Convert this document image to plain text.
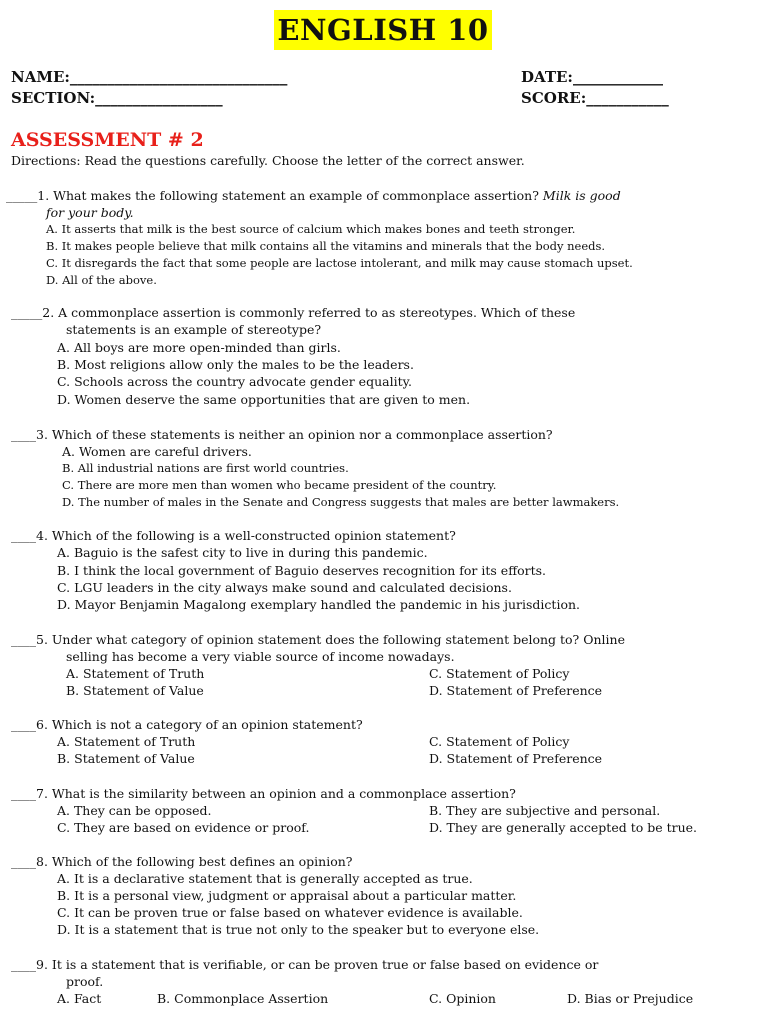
ENGLISH 10
NAME:_____________________________	DATE:____________
SECTION:_________________	SCORE:___________
ASSESSMENT # 2
Directions: Read the questions carefully. Choose the letter of the correct answer.
_____1. What makes the following statement an example of commonplace assertion? Milk is good
for your body.
A. It asserts that milk is the best source of calcium which makes bones and teeth stronger.
B. It makes people believe that milk contains all the vitamins and minerals that the body needs.
C. It disregards the fact that some people are lactose intolerant, and milk may cause stomach upset.
D. All of the above.
_____2. A commonplace assertion is commonly referred to as stereotypes. Which of these
statements is an example of stereotype?
A. All boys are more open-minded than girls.
B. Most religions allow only the males to be the leaders.
C. Schools across the country advocate gender equality.
D. Women deserve the same opportunities that are given to men.
____3. Which of these statements is neither an opinion nor a commonplace assertion?
A. Women are careful drivers.
B. All industrial nations are first world countries.
C. There are more men than women who became president of the country.
D. The number of males in the Senate and Congress suggests that males are better lawmakers.
____4. Which of the following is a well-constructed opinion statement?
A. Baguio is the safest city to live in during this pandemic.
B. I think the local government of Baguio deserves recognition for its efforts.
C. LGU leaders in the city always make sound and calculated decisions.
D. Mayor Benjamin Magalong exemplary handled the pandemic in his jurisdiction.
____5. Under what category of opinion statement does the following statement belong to? Online
selling has become a very viable source of income nowadays.
A. Statement of Truth	C. Statement of Policy
B. Statement of Value	D. Statement of Preference
____6. Which is not a category of an opinion statement?
A. Statement of Truth	C. Statement of Policy
B. Statement of Value	D. Statement of Preference
____7. What is the similarity between an opinion and a commonplace assertion?
A. They can be opposed.	B. They are subjective and personal.
C. They are based on evidence or proof.	D. They are generally accepted to be true.
____8. Which of the following best defines an opinion?
A. It is a declarative statement that is generally accepted as true.
B. It is a personal view, judgment or appraisal about a particular matter.
C. It can be proven true or false based on whatever evidence is available.
D. It is a statement that is true not only to the speaker but to everyone else.
____9. It is a statement that is verifiable, or can be proven true or false based on evidence or
proof.
A. Fact	B. Commonplace Assertion	C. Opinion	D. Bias or Prejudice
